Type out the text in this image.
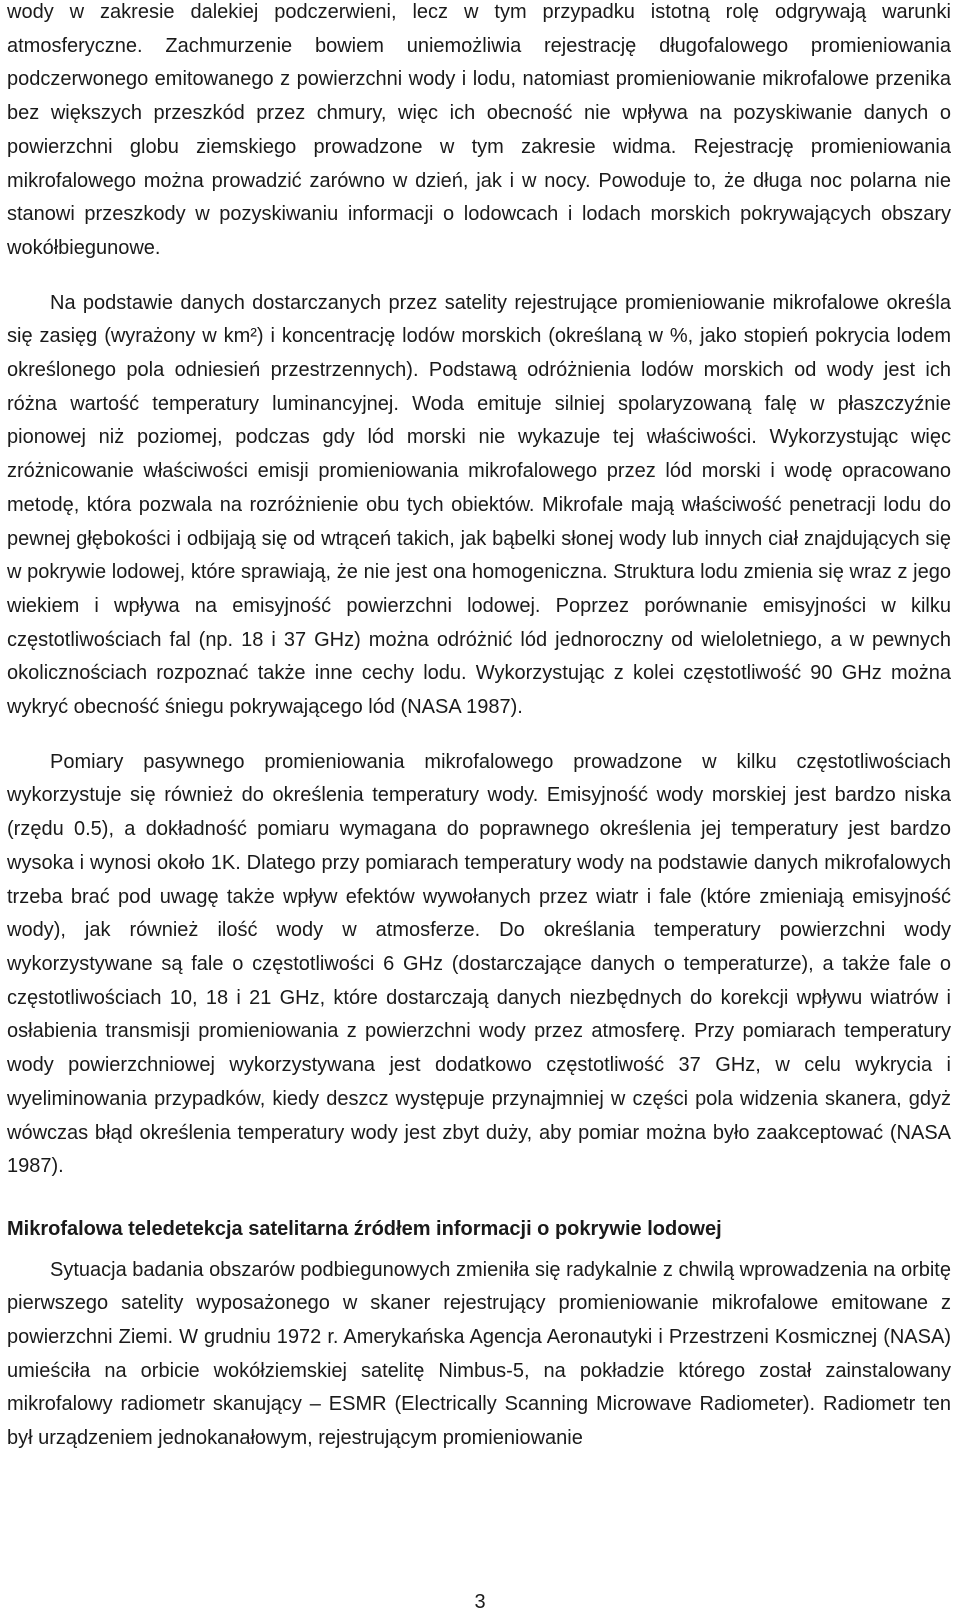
wody w zakresie dalekiej podczerwieni, lecz w tym przypadku istotną rolę odgrywają warunki atmosferyczne. Zachmurzenie bowiem uniemożliwia rejestrację długofalowego promieniowania podczerwonego emitowanego z powierzchni wody i lodu, natomiast promieniowanie mikrofalowe przenika bez większych przeszkód przez chmury, więc ich obecność nie wpływa na pozyskiwanie danych o powierzchni globu ziemskiego prowadzone w tym zakresie widma. Rejestrację promieniowania mikrofalowego można prowadzić zarówno w dzień, jak i w nocy. Powoduje to, że długa noc polarna nie stanowi przeszkody w pozyskiwaniu informacji o lodowcach i lodach morskich pokrywających obszary wokółbiegunowe.

Na podstawie danych dostarczanych przez satelity rejestrujące promieniowanie mikrofalowe określa się zasięg (wyrażony w km²) i koncentrację lodów morskich (określaną w %, jako stopień pokrycia lodem określonego pola odniesień przestrzennych). Podstawą odróżnienia lodów morskich od wody jest ich różna wartość temperatury luminancyjnej. Woda emituje silniej spolaryzowaną falę w płaszczyźnie pionowej niż poziomej, podczas gdy lód morski nie wykazuje tej właściwości. Wykorzystując więc zróżnicowanie właściwości emisji promieniowania mikrofalowego przez lód morski i wodę opracowano metodę, która pozwala na rozróżnienie obu tych obiektów. Mikrofale mają właściwość penetracji lodu do pewnej głębokości i odbijają się od wtrąceń takich, jak bąbelki słonej wody lub innych ciał znajdujących się w pokrywie lodowej, które sprawiają, że nie jest ona homogeniczna. Struktura lodu zmienia się wraz z jego wiekiem i wpływa na emisyjność powierzchni lodowej. Poprzez porównanie emisyjności w kilku częstotliwościach fal (np. 18 i 37 GHz) można odróżnić lód jednoroczny od wieloletniego, a w pewnych okolicznościach rozpoznać także inne cechy lodu. Wykorzystując z kolei częstotliwość 90 GHz można wykryć obecność śniegu pokrywającego lód (NASA 1987).

Pomiary pasywnego promieniowania mikrofalowego prowadzone w kilku częstotliwościach wykorzystuje się również do określenia temperatury wody. Emisyjność wody morskiej jest bardzo niska (rzędu 0.5), a dokładność pomiaru wymagana do poprawnego określenia jej temperatury jest bardzo wysoka i wynosi około 1K. Dlatego przy pomiarach temperatury wody na podstawie danych mikrofalowych trzeba brać pod uwagę także wpływ efektów wywołanych przez wiatr i fale (które zmieniają emisyjność wody), jak również ilość wody w atmosferze. Do określania temperatury powierzchni wody wykorzystywane są fale o częstotliwości 6 GHz (dostarczające danych o temperaturze), a także fale o częstotliwościach 10, 18 i 21 GHz, które dostarczają danych niezbędnych do korekcji wpływu wiatrów i osłabienia transmisji promieniowania z powierzchni wody przez atmosferę. Przy pomiarach temperatury wody powierzchniowej wykorzystywana jest dodatkowo częstotliwość 37 GHz, w celu wykrycia i wyeliminowania przypadków, kiedy deszcz występuje przynajmniej w części pola widzenia skanera, gdyż wówczas błąd określenia temperatury wody jest zbyt duży, aby pomiar można było zaakceptować (NASA 1987).

Mikrofalowa teledetekcja satelitarna źródłem informacji o pokrywie lodowej

Sytuacja badania obszarów podbiegunowych zmieniła się radykalnie z chwilą wprowadzenia na orbitę pierwszego satelity wyposażonego w skaner rejestrujący promieniowanie mikrofalowe emitowane z powierzchni Ziemi. W grudniu 1972 r. Amerykańska Agencja Aeronautyki i Przestrzeni Kosmicznej (NASA) umieściła na orbicie wokółziemskiej satelitę Nimbus-5, na pokładzie którego został zainstalowany mikrofalowy radiometr skanujący – ESMR (Electrically Scanning Microwave Radiometer). Radiometr ten był urządzeniem jednokanałowym, rejestrującym promieniowanie

3
